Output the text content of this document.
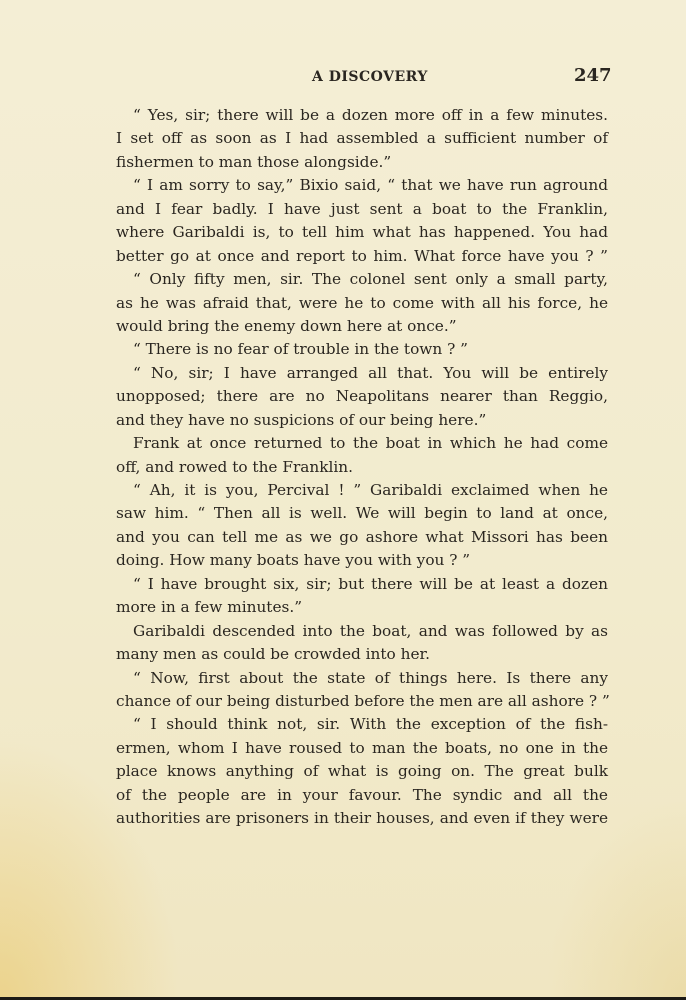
A DISCOVERY	247
“ Yes, sir; there will be a dozen more off in a few minutes.
I set off as soon as I had assembled a sufficient number of
fishermen to man those alongside.”
“ I am sorry to say,” Bixio said, “ that we have run aground
and I fear badly. I have just sent a boat to the Franklin,
where Garibaldi is, to tell him what has happened. You had
better go at once and report to him. What force have you ? ”
“ Only fifty men, sir. The colonel sent only a small party,
as he was afraid that, were he to come with all his force, he
would bring the enemy down here at once.”
“ There is no fear of trouble in the town ? ”
“ No, sir; I have arranged all that. You will be entirely
unopposed; there are no Neapolitans nearer than Reggio,
and they have no suspicions of our being here.”
Frank at once returned to the boat in which he had come
off, and rowed to the Franklin.
“ Ah, it is you, Percival ! ” Garibaldi exclaimed when he
saw him. “ Then all is well. We will begin to land at once,
and you can tell me as we go ashore what Missori has been
doing. How many boats have you with you ? ”
“ I have brought six, sir; but there will be at least a dozen
more in a few minutes.”
Garibaldi descended into the boat, and was followed by as
many men as could be crowded into her.
“ Now, first about the state of things here. Is there any
chance of our being disturbed before the men are all ashore ? ”
“ I should think not, sir. With the exception of the fish-
ermen, whom I have roused to man the boats, no one in the
place knows anything of what is going on. The great bulk
of the people are in your favour. The syndic and all the
authorities are prisoners in their houses, and even if they were
